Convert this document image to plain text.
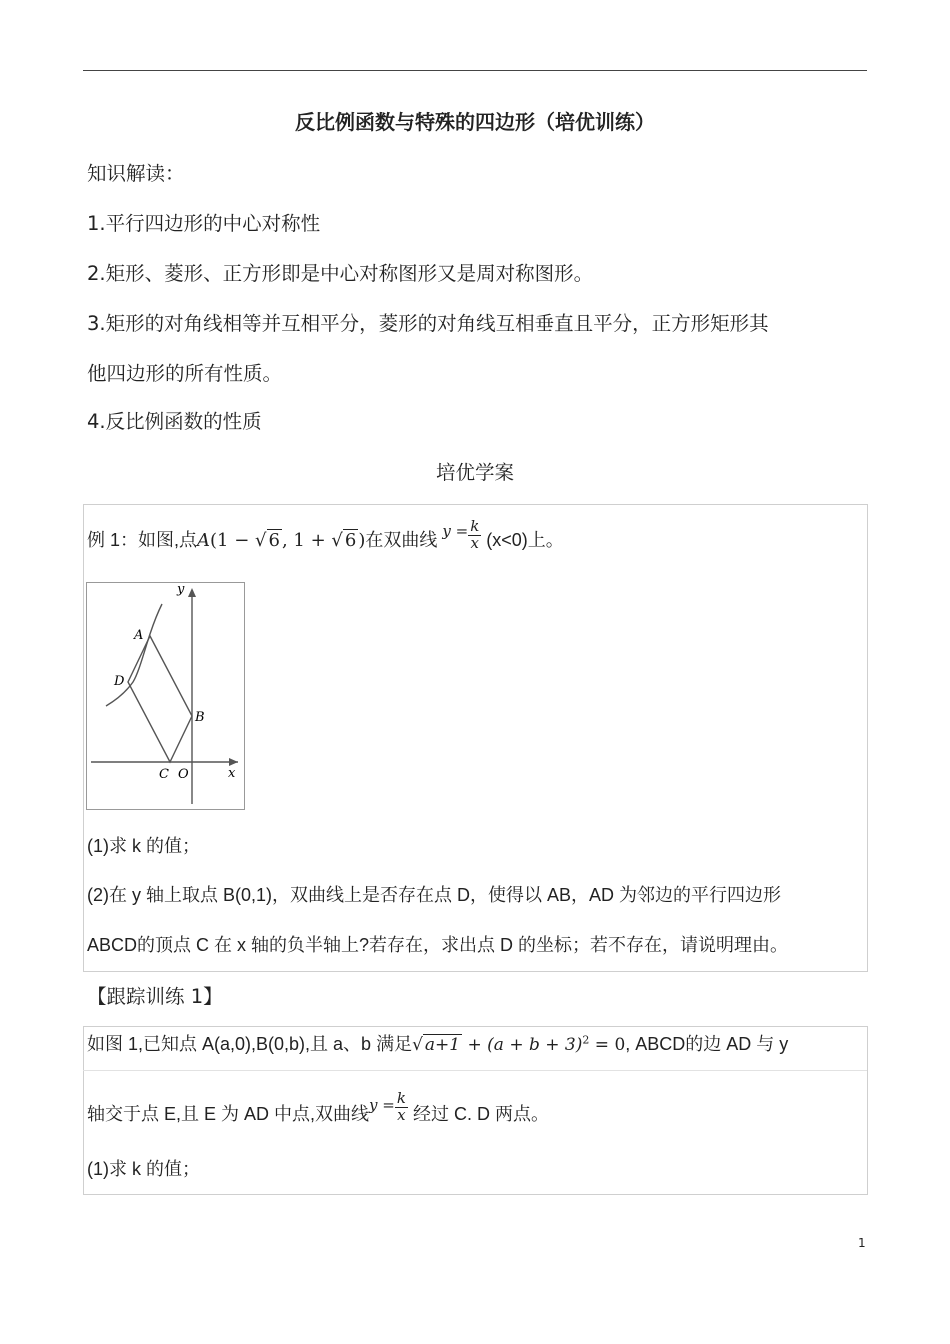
反比例函数与特殊的四边形（培优训练）
知识解读：
1.平行四边形的中心对称性
2.矩形、菱形、正方形即是中心对称图形又是周对称图形。
3.矩形的对角线相等并互相平分，菱形的对角线互相垂直且平分，正方形矩形其
他四边形的所有性质。
4.反比例函数的性质
培优学案
例 1：如图,点A(1 − √ 6 , 1 + √ 6 )在双曲线 $^{y =} \frac{k}{x} (x<0)$上。
y
x
A
B
C
D
O
(1)求 k 的值；
(2)在 y 轴上取点 B(0,1)，双曲线上是否存在点 D，使得以 AB，AD 为邻边的平行四边形
ABCD的顶点 C 在 x 轴的负半轴上?若存在，求出点 D 的坐标；若不存在，请说明理由。
【跟踪训练 1】
如图 1,已知点 A(a,0),B(0,b),且 a、b 满足√ $a+1 + (a + b + 3)^2 = 0$, ABCD的边 AD 与 y
轴交于点 E,且 E 为 AD 中点,双曲线$^{y =} \frac{k}{x}$ 经过 C. D 两点。
(1)求 k 的值；
1
